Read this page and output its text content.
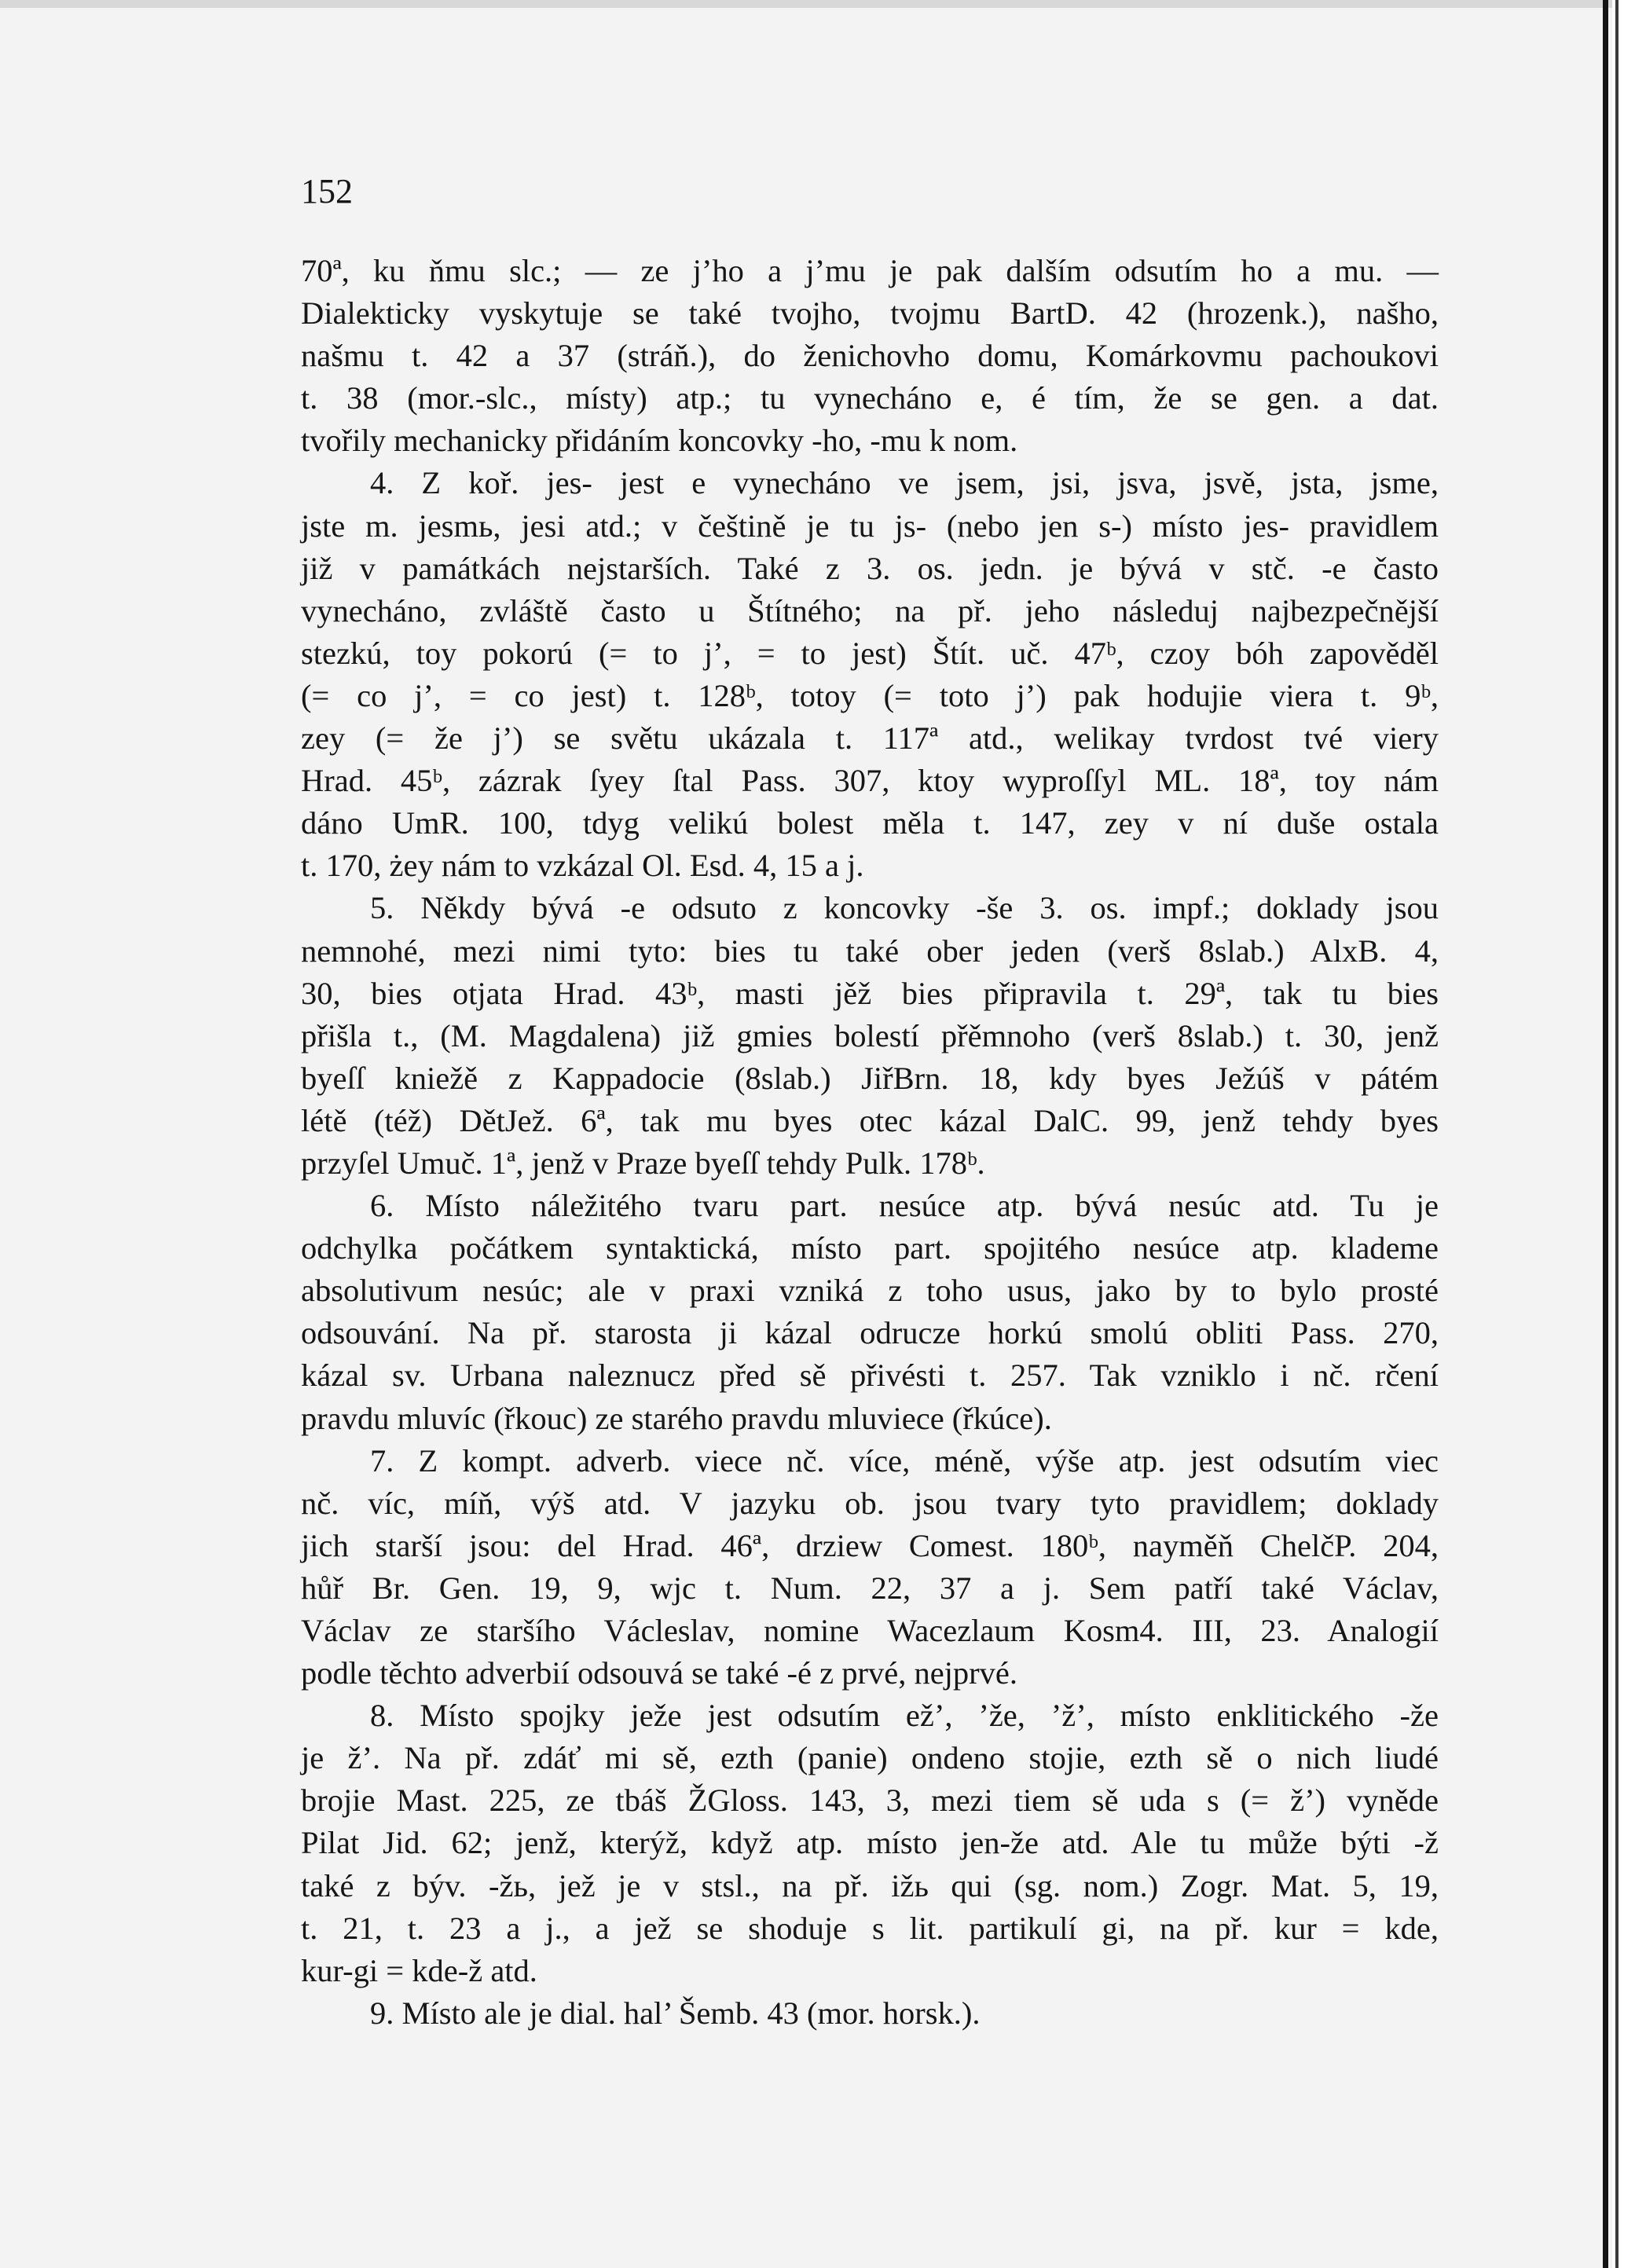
152

70ª, ku ňmu slc.; — ze j’ho a j’mu je pak dalším odsutím ho a mu. —

Dialekticky vyskytuje se také tvojho, tvojmu BartD. 42 (hrozenk.), našho,

našmu t. 42 a 37 (stráň.), do ženichovho domu, Komárkovmu pachoukovi

t. 38 (mor.-slc., místy) atp.; tu vynecháno e, é tím, že se gen. a dat.

tvořily mechanicky přidáním koncovky -ho, -mu k nom.

4. Z koř. jes- jest e vynecháno ve jsem, jsi, jsva, jsvě, jsta, jsme,

jste m. jesmь, jesi atd.; v češtině je tu js- (nebo jen s-) místo jes- pravidlem

již v památkách nejstarších. Také z 3. os. jedn. je bývá v stč. -e často

vynecháno, zvláště často u Štítného; na př. jeho následuj najbezpečnější

stezkú, toy pokorú (= to j’, = to jest) Štít. uč. 47ᵇ, czoy bóh zapověděl

(= co j’, = co jest) t. 128ᵇ, totoy (= toto j’) pak hodujie viera t. 9ᵇ,

zey (= že j’) se světu ukázala t. 117ª atd., welikay tvrdost tvé viery

Hrad. 45ᵇ, zázrak ſyey ſtal Pass. 307, ktoy wyproſſyl ML. 18ª, toy nám

dáno UmR. 100, tdyg velikú bolest měla t. 147, zey v ní duše ostala

t. 170, żey nám to vzkázal Ol. Esd. 4, 15 a j.

5. Někdy bývá -e odsuto z koncovky -še 3. os. impf.; doklady jsou

nemnohé, mezi nimi tyto: bies tu také ober jeden (verš 8slab.) AlxB. 4,

30, bies otjata Hrad. 43ᵇ, masti jěž bies připravila t. 29ª, tak tu bies

přišla t., (M. Magdalena) již gmies bolestí přěmnoho (verš 8slab.) t. 30, jenž

byeſſ kniežě z Kappadocie (8slab.) JiřBrn. 18, kdy byes Ježúš v pátém

létě (též) DětJež. 6ª, tak mu byes otec kázal DalC. 99, jenž tehdy byes

przyſel Umuč. 1ª, jenž v Praze byeſſ tehdy Pulk. 178ᵇ.

6. Místo náležitého tvaru part. nesúce atp. bývá nesúc atd. Tu je

odchylka počátkem syntaktická, místo part. spojitého nesúce atp. klademe

absolutivum nesúc; ale v praxi vzniká z toho usus, jako by to bylo prosté

odsouvání. Na př. starosta ji kázal odrucze horkú smolú obliti Pass. 270,

kázal sv. Urbana naleznucz před sě přivésti t. 257. Tak vzniklo i nč. rčení

pravdu mluvíc (řkouc) ze starého pravdu mluviece (řkúce).

7. Z kompt. adverb. viece nč. více, méně, výše atp. jest odsutím viec

nč. víc, míň, výš atd. V jazyku ob. jsou tvary tyto pravidlem; doklady

jich starší jsou: del Hrad. 46ª, drziew Comest. 180ᵇ, nayměň ChelčP. 204,

hůř Br. Gen. 19, 9, wjc t. Num. 22, 37 a j. Sem patří také Václav,

Václav ze staršího Václeslav, nomine Wacezlaum Kosm4. III, 23. Analogií

podle těchto adverbií odsouvá se také -é z prvé, nejprvé.

8. Místo spojky ježe jest odsutím ež’, ’že, ’ž’, místo enklitického -že

je ž’. Na př. zdáť mi sě, ezth (panie) ondeno stojie, ezth sě o nich liudé

brojie Mast. 225, ze tbáš ŽGloss. 143, 3, mezi tiem sě uda s (= ž’) vyněde

Pilat Jid. 62; jenž, kterýž, když atp. místo jen-že atd. Ale tu může býti -ž

také z býv. -žь, jež je v stsl., na př. ižь qui (sg. nom.) Zogr. Mat. 5, 19,

t. 21, t. 23 a j., a jež se shoduje s lit. partikulí gi, na př. kur = kde,

kur-gi = kde-ž atd.

9. Místo ale je dial. hal’ Šemb. 43 (mor. horsk.).
